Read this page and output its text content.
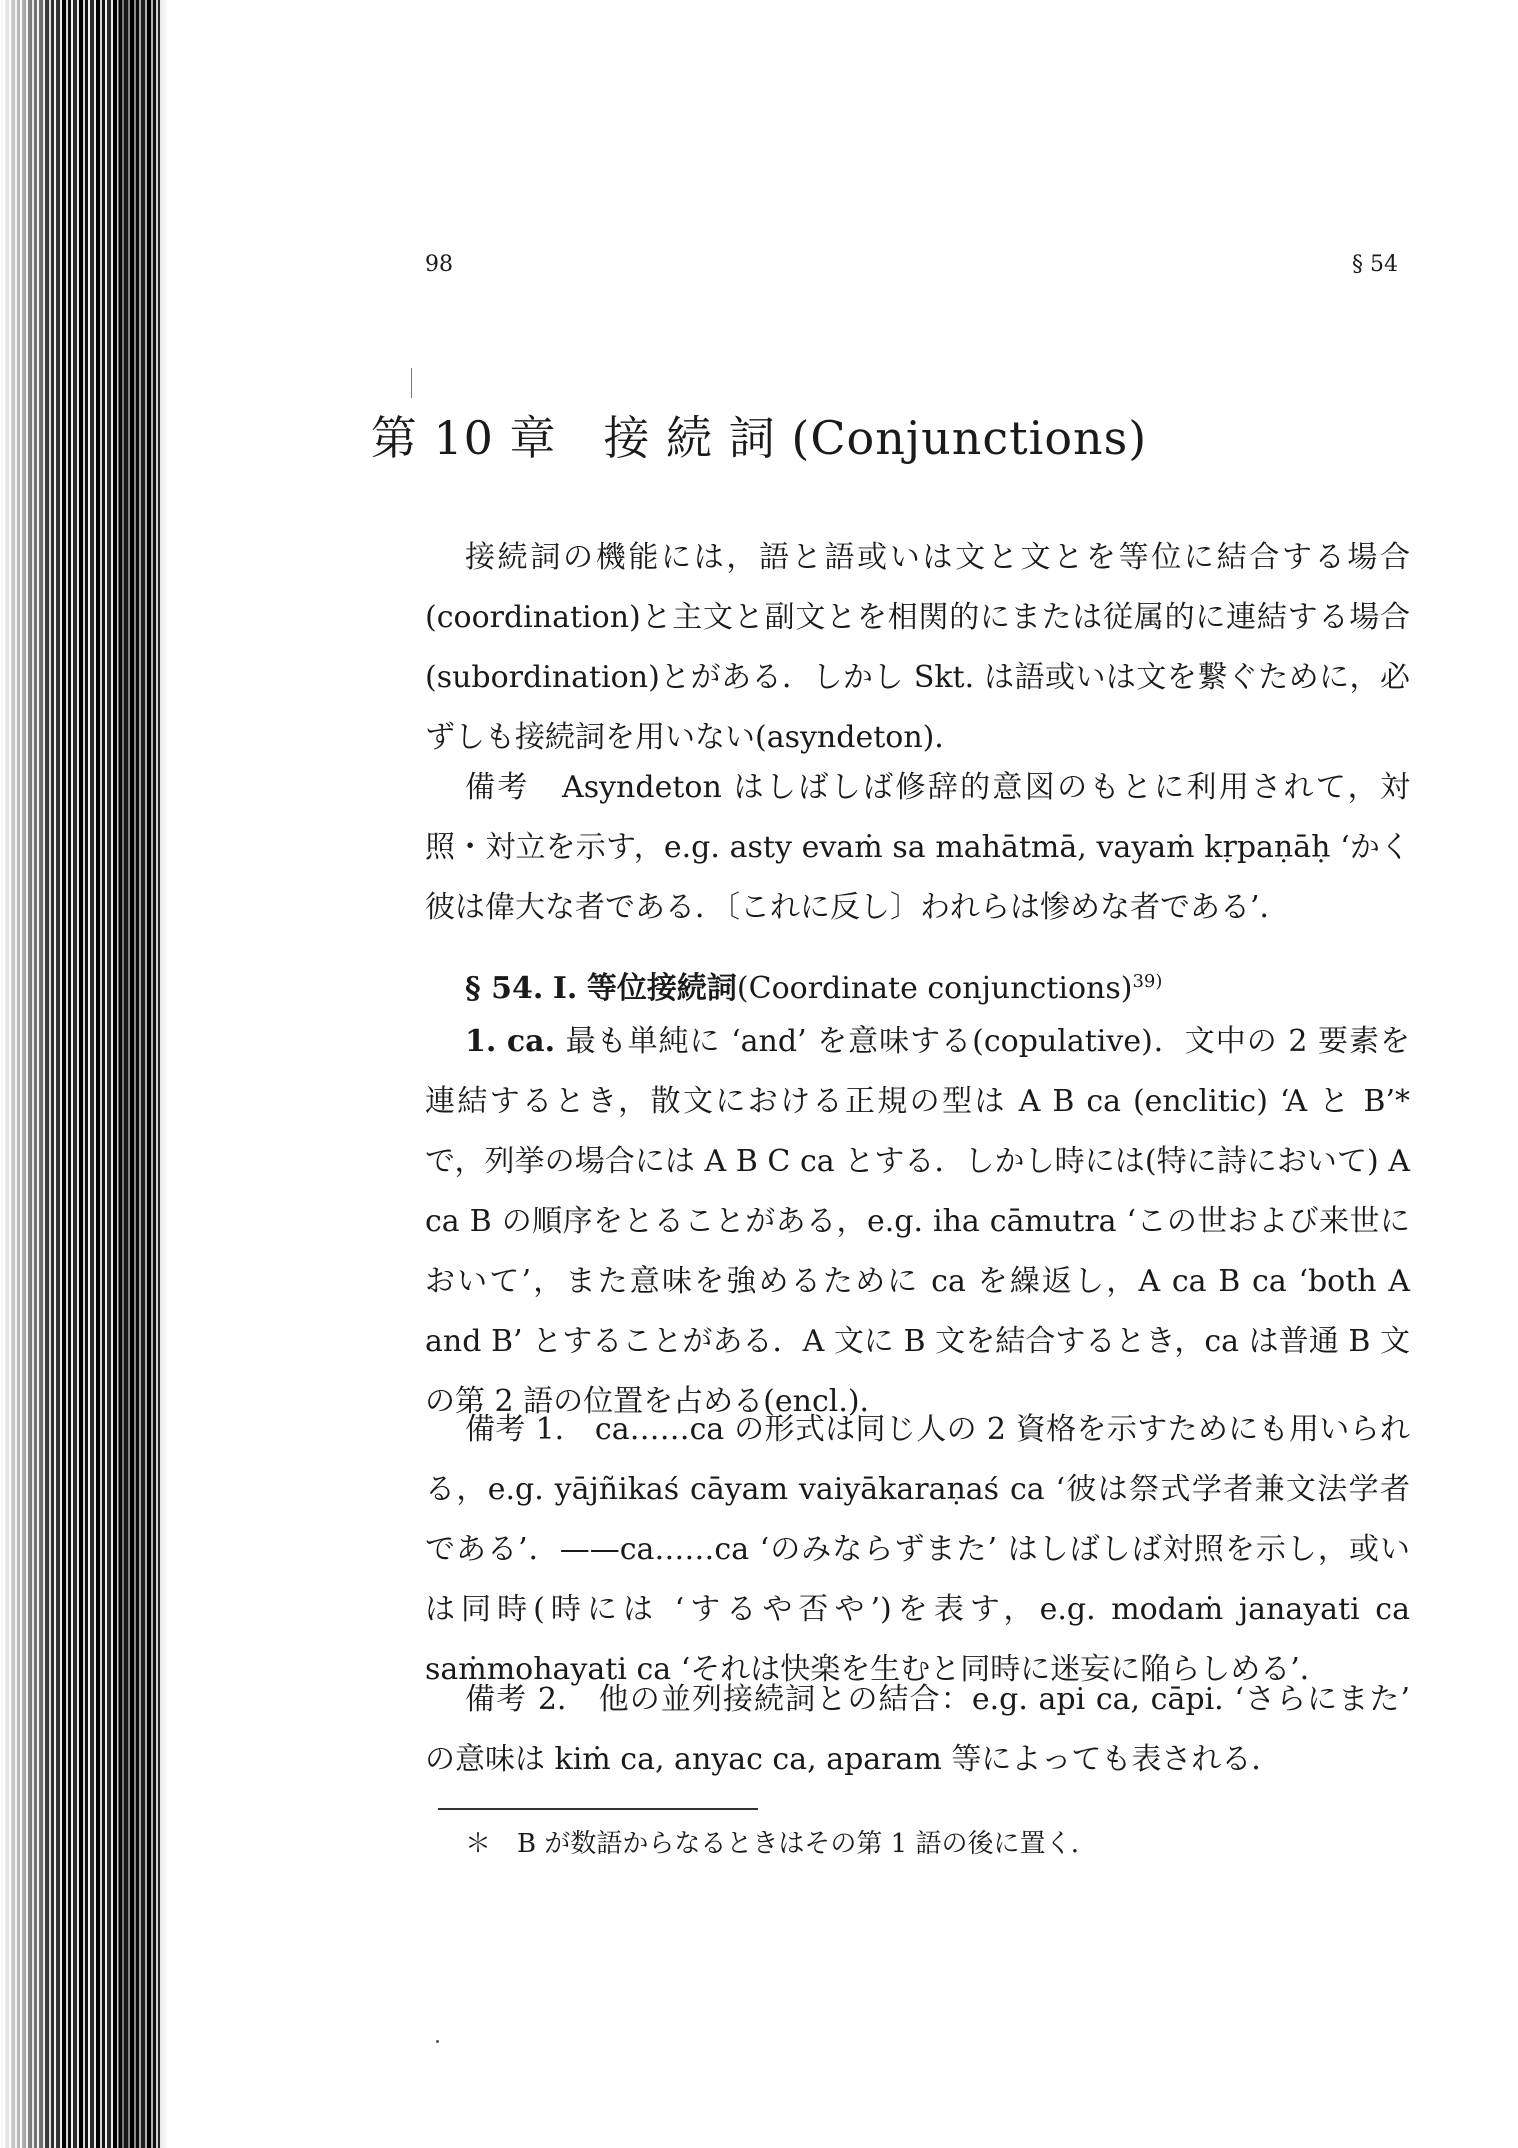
98	§ 54
第 10 章　接 続 詞 (Conjunctions)

接続詞の機能には，語と語或いは文と文とを等位に結合する場合(coordination)と主文と副文とを相関的にまたは従属的に連結する場合(subordination)とがある．しかし Skt. は語或いは文を繋ぐために，必ずしも接続詞を用いない(asyndeton)．

備考　Asyndeton はしばしば修辞的意図のもとに利用されて，対照・対立を示す，e.g. asty evaṁ sa mahātmā, vayaṁ kṛpaṇāḥ ‘かく彼は偉大な者である．〔これに反し〕われらは惨めな者である’．

§ 54. I. 等位接続詞(Coordinate conjunctions)$^{39)}$

1. ca. 最も単純に ‘and’ を意味する(copulative)．文中の 2 要素を連結するとき，散文における正規の型は A B ca (enclitic) ‘A と B’* で，列挙の場合には A B C ca とする．しかし時には(特に詩において) A ca B の順序をとることがある，e.g. iha cāmutra ‘この世および来世において’，また意味を強めるために ca を繰返し，A ca B ca ‘both A and B’ とすることがある．A 文に B 文を結合するとき，ca は普通 B 文の第 2 語の位置を占める(encl.)．

備考 1.　ca……ca の形式は同じ人の 2 資格を示すためにも用いられる，e.g. yājñikaś cāyam vaiyākaraṇaś ca ‘彼は祭式学者兼文法学者である’．——ca……ca ‘のみならずまた’ はしばしば対照を示し，或いは同時(時には ‘するや否や’)を表す，e.g. modaṁ janayati ca saṁmohayati ca ‘それは快楽を生むと同時に迷妄に陥らしめる’．

備考 2.　他の並列接続詞との結合：e.g. api ca, cāpi. ‘さらにまた’ の意味は kiṁ ca, anyac ca, aparam 等によっても表される．

＊　B が数語からなるときはその第 1 語の後に置く．
